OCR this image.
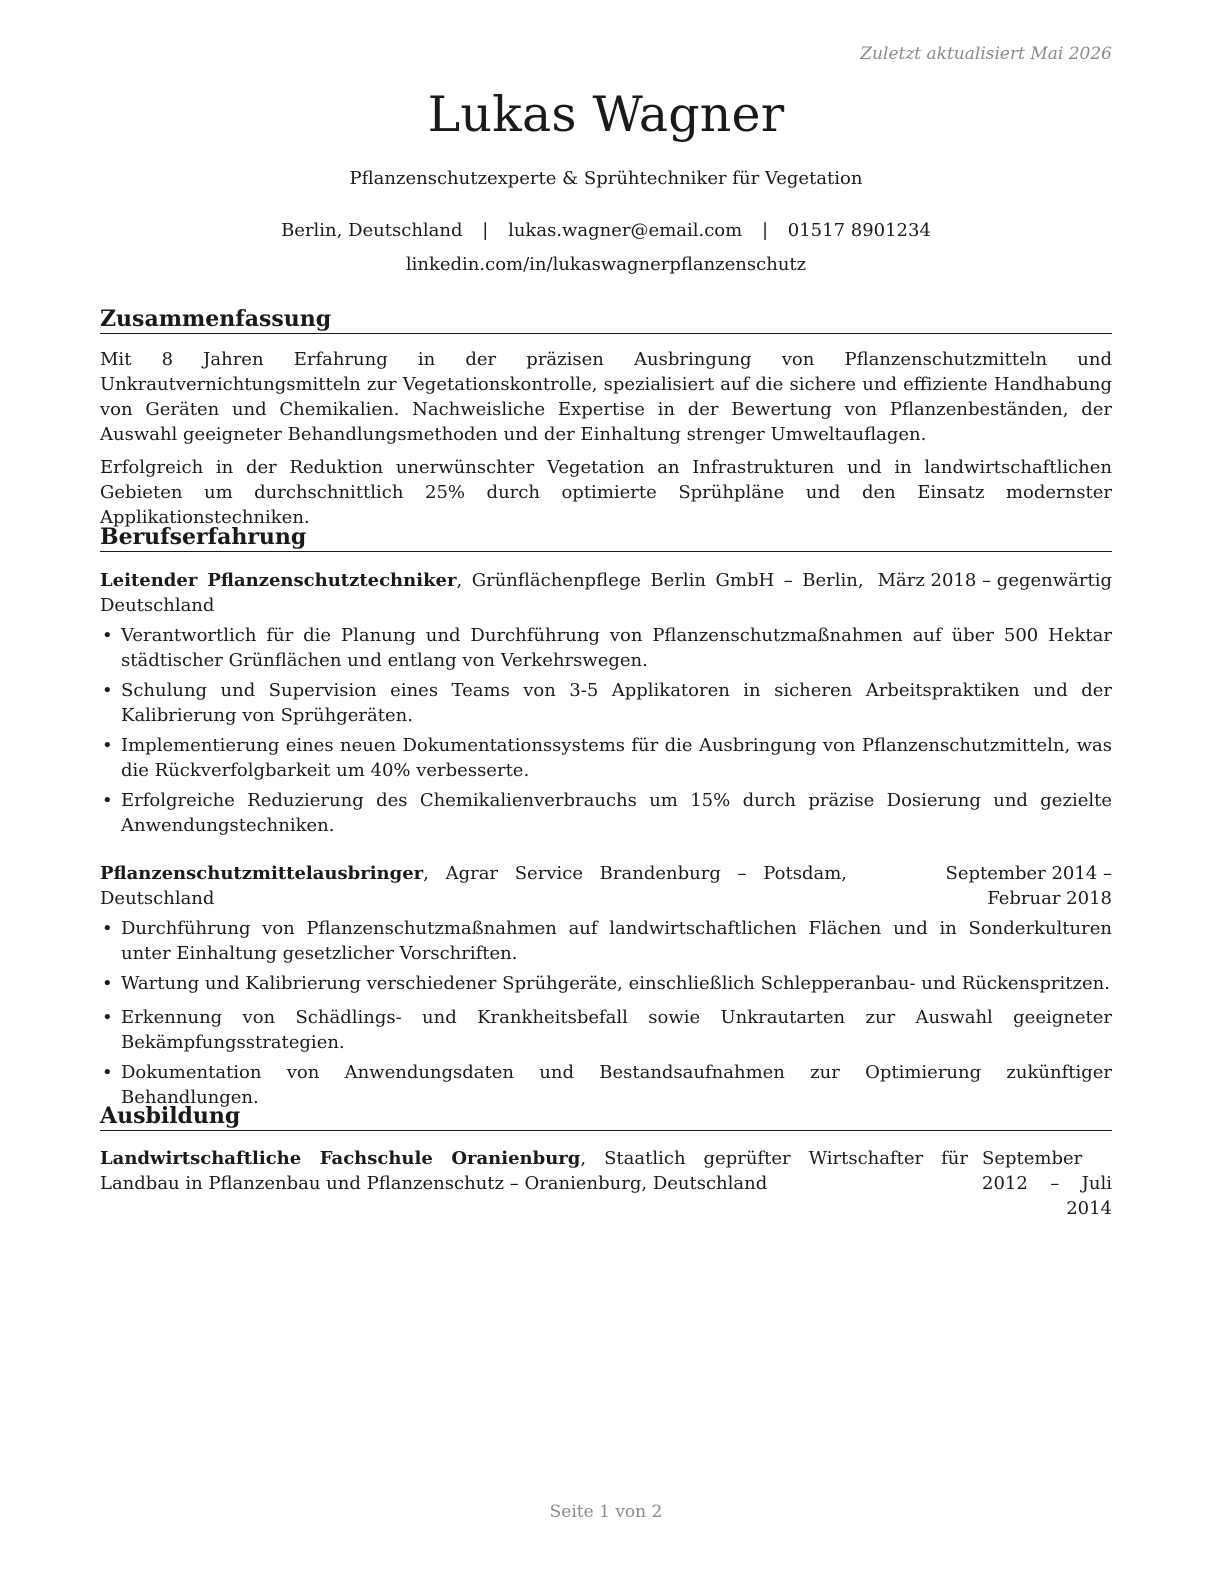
Zuletzt aktualisiert Mai 2026
Lukas Wagner
Pflanzenschutzexperte & Sprühtechniker für Vegetation
Berlin, Deutschland | lukas.wagner@email.com | 01517 8901234
linkedin.com/in/lukaswagnerpflanzenschutz
Zusammenfassung

Mit 8 Jahren Erfahrung in der präzisen Ausbringung von Pflanzenschutzmitteln und Unkrautvernichtungsmitteln zur Vegetationskontrolle, spezialisiert auf die sichere und effiziente Handhabung von Geräten und Chemikalien. Nachweisliche Expertise in der Bewertung von Pflanzenbeständen, der Auswahl geeigneter Behandlungsmethoden und der Einhaltung strenger Umweltauflagen.

Erfolgreich in der Reduktion unerwünschter Vegetation an Infrastrukturen und in landwirtschaftlichen Gebieten um durchschnittlich 25% durch optimierte Sprühpläne und den Einsatz modernster Applikationstechniken.

Berufserfahrung
Leitender Pflanzenschutztechniker, Grünflächenpflege Berlin GmbH – Berlin, Deutschland
März 2018 – gegenwärtig
• Verantwortlich für die Planung und Durchführung von Pflanzenschutzmaßnahmen auf über 500 Hektar städtischer Grünflächen und entlang von Verkehrswegen.
• Schulung und Supervision eines Teams von 3-5 Applikatoren in sicheren Arbeitspraktiken und der Kalibrierung von Sprühgeräten.
• Implementierung eines neuen Dokumentationssystems für die Ausbringung von Pflanzenschutzmitteln, was die Rückverfolgbarkeit um 40% verbesserte.
• Erfolgreiche Reduzierung des Chemikalienverbrauchs um 15% durch präzise Dosierung und gezielte Anwendungstechniken.
Pflanzenschutzmittelausbringer, Agrar Service Brandenburg – Potsdam, Deutschland
September 2014 – Februar 2018
• Durchführung von Pflanzenschutzmaßnahmen auf landwirtschaftlichen Flächen und in Sonderkulturen unter Einhaltung gesetzlicher Vorschriften.
• Wartung und Kalibrierung verschiedener Sprühgeräte, einschließlich Schlepperanbau- und Rückenspritzen.
• Erkennung von Schädlings- und Krankheitsbefall sowie Unkrautarten zur Auswahl geeigneter Bekämpfungsstrategien.
• Dokumentation von Anwendungsdaten und Bestandsaufnahmen zur Optimierung zukünftiger Behandlungen.
Ausbildung
Landwirtschaftliche Fachschule Oranienburg, Staatlich geprüfter Wirtschafter für Landbau in Pflanzenbau und Pflanzenschutz – Oranienburg, Deutschland
September 2012 – Juli 2014
Seite 1 von 2
